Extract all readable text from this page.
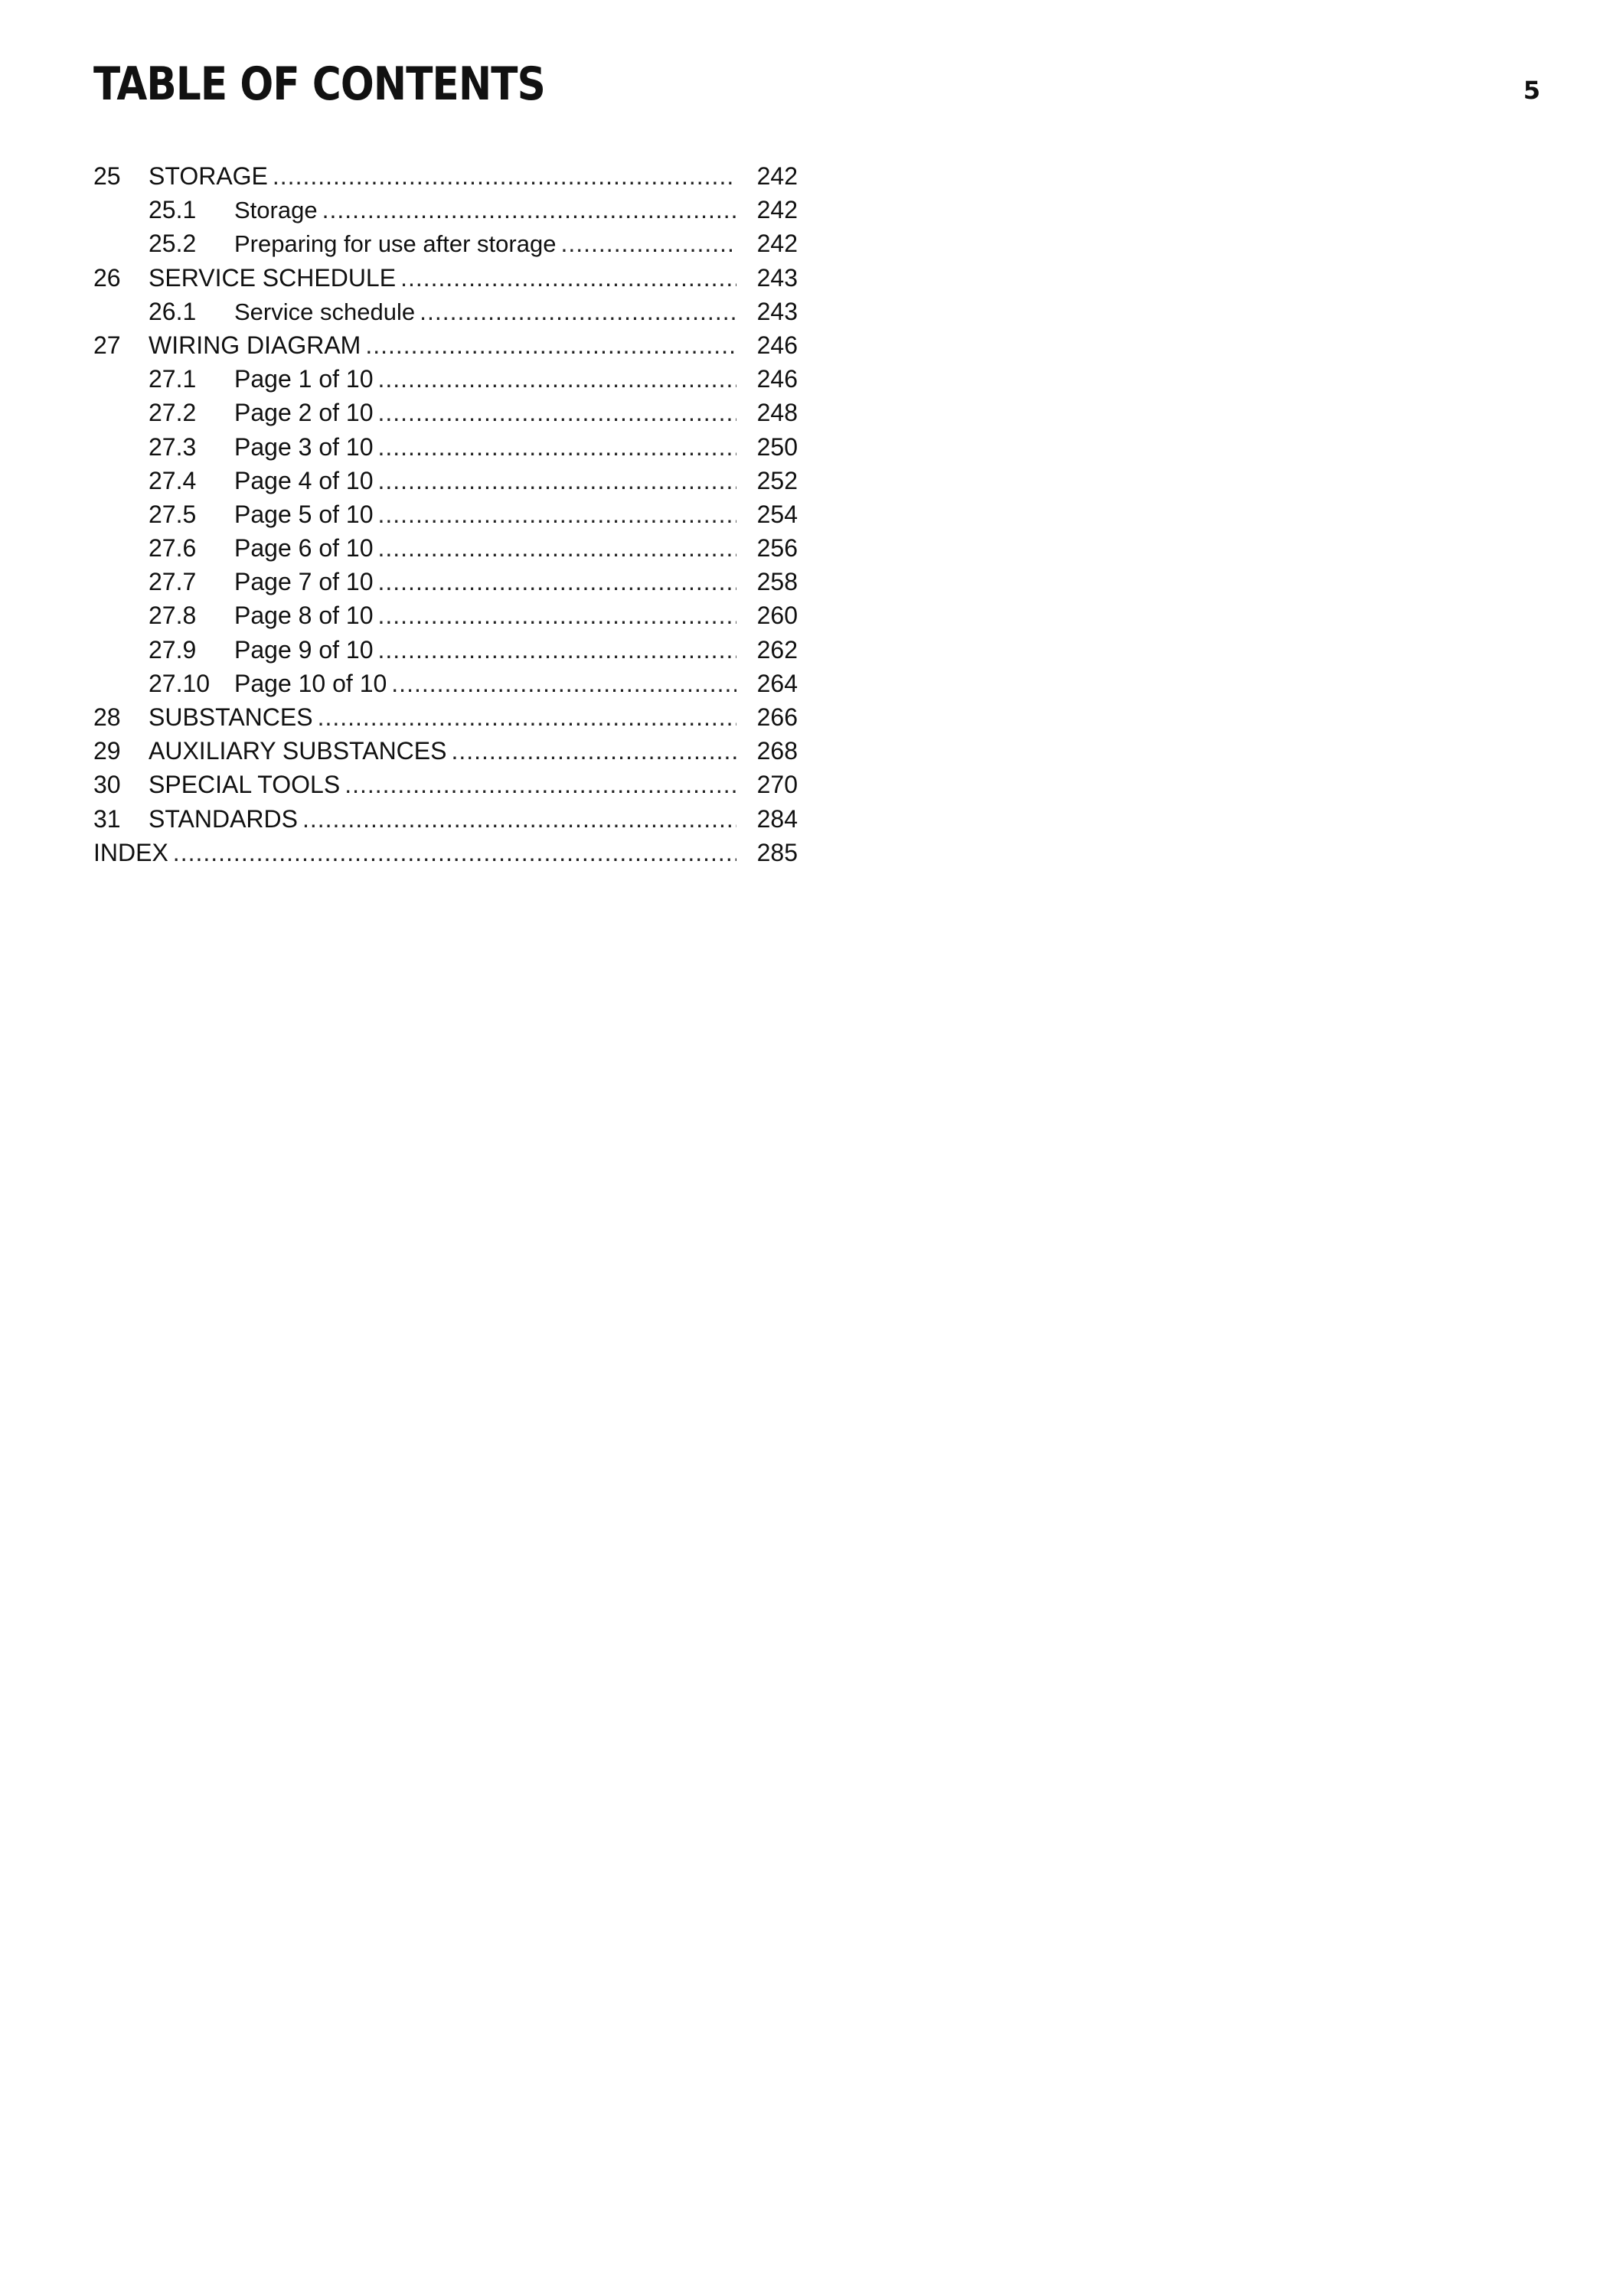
TABLE OF CONTENTS	5
25 STORAGE .....	242
25.1 Storage .....	242
25.2 Preparing for use after storage .....	242
26 SERVICE SCHEDULE .....	243
26.1 Service schedule .....	243
27 WIRING DIAGRAM .....	246
27.1 Page 1 of 10 .....	246
27.2 Page 2 of 10 .....	248
27.3 Page 3 of 10 .....	250
27.4 Page 4 of 10 .....	252
27.5 Page 5 of 10 .....	254
27.6 Page 6 of 10 .....	256
27.7 Page 7 of 10 .....	258
27.8 Page 8 of 10 .....	260
27.9 Page 9 of 10 .....	262
27.10 Page 10 of 10 .....	264
28 SUBSTANCES .....	266
29 AUXILIARY SUBSTANCES .....	268
30 SPECIAL TOOLS .....	270
31 STANDARDS .....	284
INDEX .....	285
